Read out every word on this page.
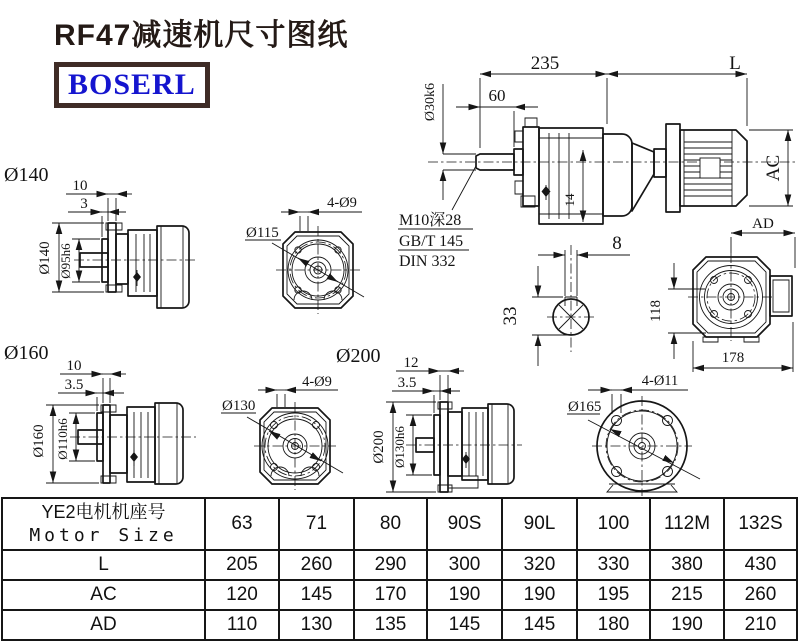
RF47减速机尺寸图纸
BOSERL
235	L
60
Ø30k6
14
AC
AD
M10深28
GB/T 145
DIN 332
8
33	118
178
Ø140 10
3
Ø140 Ø95h6
4-Ø9
Ø115
Ø160
10
3.5
Ø160 Ø110h6
Ø200
4-Ø9
Ø130
12
3.5
Ø200 Ø130h6
4-Ø11
Ø165
YE2电机机座号
Motor Size	63	71	80	90S	90L	100	112M	132S
L	205	260	290	300	320	330	380	430
AC	120	145	170	190	190	195	215	260
AD	110	130	135	145	145	180	190	210
